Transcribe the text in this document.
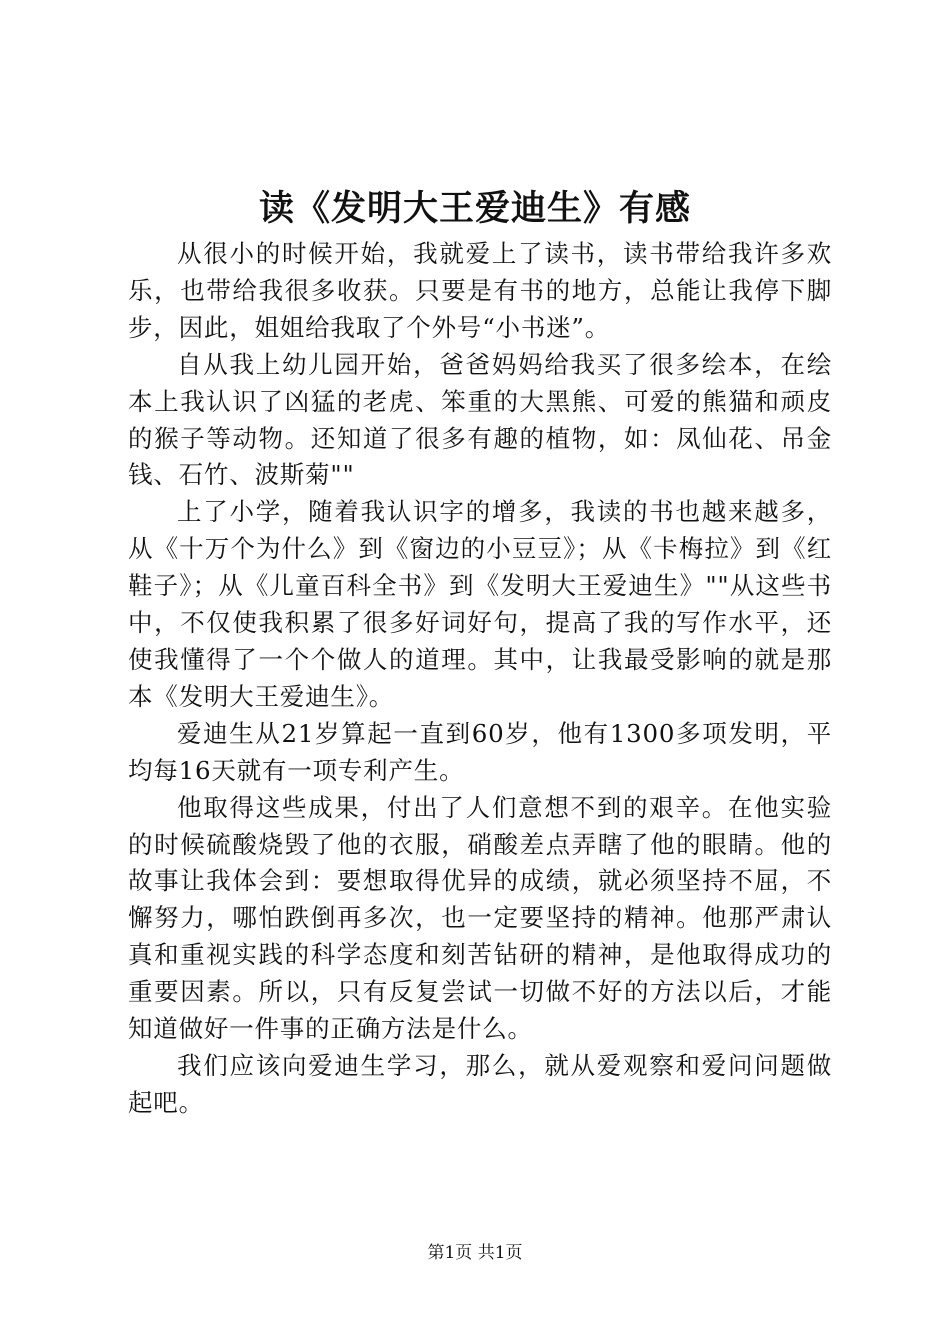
读《发明大王爱迪生》有感

从很小的时候开始，我就爱上了读书，读书带给我许多欢乐，也带给我很多收获。只要是有书的地方，总能让我停下脚步，因此，姐姐给我取了个外号“小书迷”。

自从我上幼儿园开始，爸爸妈妈给我买了很多绘本，在绘本上我认识了凶猛的老虎、笨重的大黑熊、可爱的熊猫和顽皮的猴子等动物。还知道了很多有趣的植物，如：凤仙花、吊金钱、石竹、波斯菊""

上了小学，随着我认识字的增多，我读的书也越来越多，从《十万个为什么》到《窗边的小豆豆》；从《卡梅拉》到《红鞋子》；从《儿童百科全书》到《发明大王爱迪生》""从这些书中，不仅使我积累了很多好词好句，提高了我的写作水平，还使我懂得了一个个做人的道理。其中，让我最受影响的就是那本《发明大王爱迪生》。

爱迪生从21岁算起一直到60岁，他有1300多项发明，平均每16天就有一项专利产生。

他取得这些成果，付出了人们意想不到的艰辛。在他实验的时候硫酸烧毁了他的衣服，硝酸差点弄瞎了他的眼睛。他的故事让我体会到：要想取得优异的成绩，就必须坚持不屈，不懈努力，哪怕跌倒再多次，也一定要坚持的精神。他那严肃认真和重视实践的科学态度和刻苦钻研的精神，是他取得成功的重要因素。所以，只有反复尝试一切做不好的方法以后，才能知道做好一件事的正确方法是什么。

我们应该向爱迪生学习，那么，就从爱观察和爱问问题做起吧。

第1页 共1页
